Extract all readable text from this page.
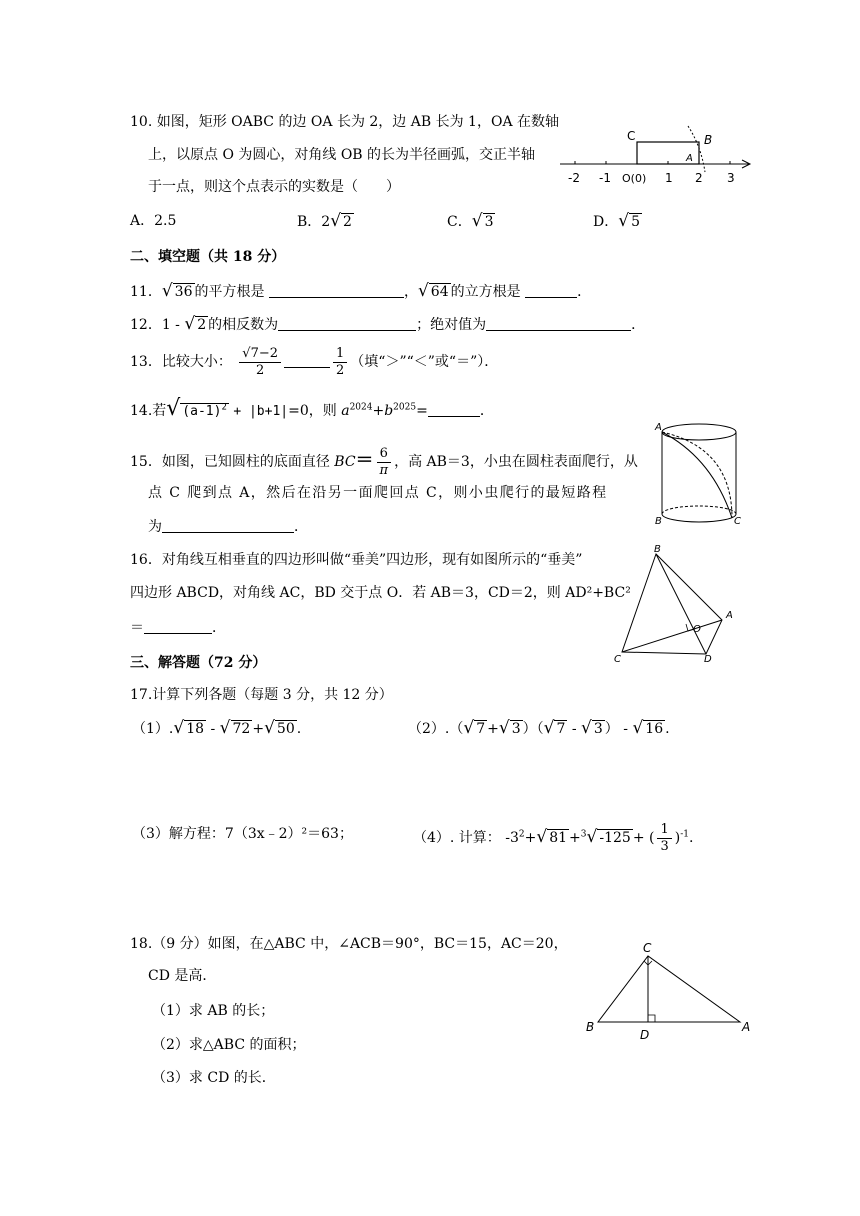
10. 如图，矩形 OABC 的边 OA 长为 2，边 AB 长为 1，OA 在数轴
上，以原点 O 为圆心，对角线 OB 的长为半径画弧，交正半轴
于一点，则这个点表示的实数是（　　）
C	B
A
-2 -1 O(0) 1 2 3
A．2.5	B．2√ 2	C．√ 3	D．√ 5
二、填空题（共 18 分）
11．√ 36 的平方根是	，√ 64 的立方根是	．
12．1 - √ 2 的相反数为	；绝对值为	．
13．比较大小： $\frac{√7-2}{2}$	$\frac{1}{2}$ （填“＞”“＜”或“＝”）．
14.若√ $(a-1)^2 + |b+1|=0$，则 $a^{2024}+b^{2025}=$	．
15．如图，已知圆柱的底面直径 $BC= \frac{6}{\pi}$ ，高 AB＝3，小虫在圆柱表面爬行，从
点 C 爬到点 A，然后在沿另一面爬回点 C，则小虫爬行的最短路程
为	．
A
B	C
16．对角线互相垂直的四边形叫做“垂美”四边形，现有如图所示的“垂美”
四边形 ABCD，对角线 AC，BD 交于点 O．若 AB＝3，CD＝2，则 AD²+BC²
＝	．
B
A
C	D
O
三、解答题（72 分）
17.计算下列各题（每题 3 分，共 12 分）
（1）.√ 18 - √ 72 +√ 50 .	（2）.（√ 7 +√ 3 ）（√ 7 - √ 3 ） - √ 16 .
（3）解方程：7（3x﹣2）²＝63；	（4）. 计算： $-3^2+√$ 81 +$^3$√ -125 + ( $\frac{1}{3} )^{-1}$.
18.（9 分）如图，在△ABC 中，∠ACB＝90°，BC＝15，AC＝20，
CD 是高．
（1）求 AB 的长；
（2）求△ABC 的面积；
（3）求 CD 的长．
C
B
D
A
